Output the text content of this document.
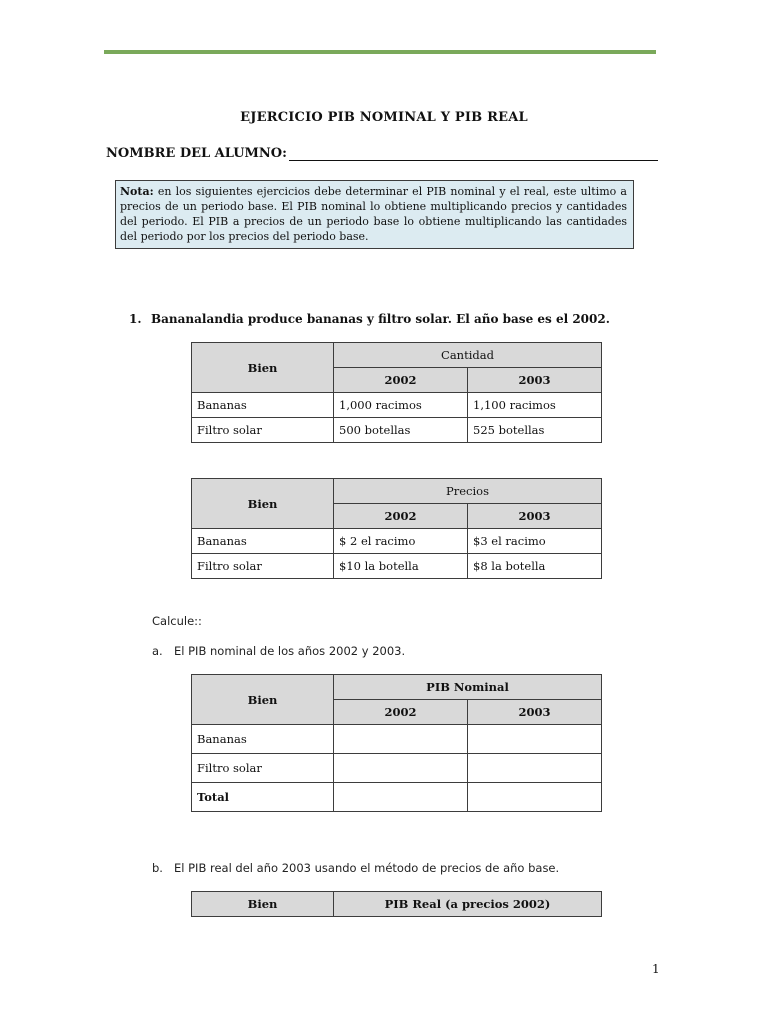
EJERCICIO PIB NOMINAL Y PIB REAL
NOMBRE DEL ALUMNO:
Nota: en los siguientes ejercicios debe determinar el PIB nominal y el real, este ultimo a precios de un periodo base. El PIB nominal lo obtiene multiplicando precios y cantidades del periodo. El PIB a precios de un periodo base lo obtiene multiplicando las cantidades del periodo por los precios del periodo base.
1. Bananalandia produce bananas y filtro solar. El año base es el 2002.
Bien	Cantidad	
	2002	2003
Bananas	1,000 racimos	1,100 racimos
Filtro solar	500 botellas	525 botellas
Bien	Precios	
	2002	2003
Bananas	$ 2 el racimo	$3 el racimo
Filtro solar	$10 la botella	$8 la botella
Calcule::
a. El PIB nominal de los años 2002 y 2003.
Bien	PIB Nominal	
	2002	2003
Bananas		
Filtro solar		
Total		
b. El PIB real del año 2003 usando el método de precios de año base.
Bien	PIB Real (a precios 2002)
1
